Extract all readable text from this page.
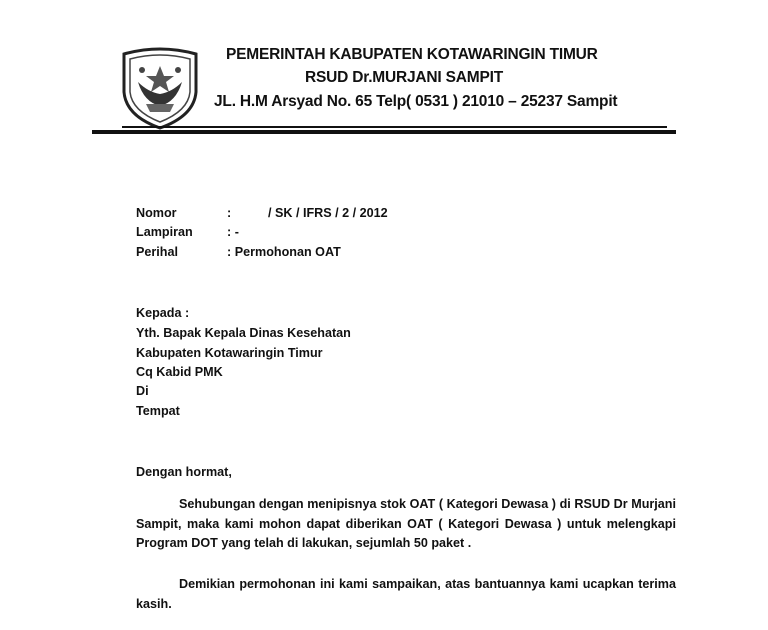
PEMERINTAH KABUPATEN KOTAWARINGIN TIMUR
RSUD Dr.MURJANI SAMPIT
JL. H.M Arsyad No. 65 Telp( 0531 ) 21010 – 25237 Sampit
Nomor	:	/ SK / IFRS / 2 / 2012
Lampiran	: -
Perihal	: Permohonan OAT
Kepada :
Yth. Bapak Kepala Dinas Kesehatan
Kabupaten Kotawaringin Timur
Cq Kabid PMK
Di
Tempat
Dengan hormat,
Sehubungan dengan menipisnya stok OAT ( Kategori Dewasa ) di RSUD Dr Murjani
Sampit, maka kami mohon dapat diberikan OAT ( Kategori Dewasa ) untuk melengkapi
Program DOT yang telah di lakukan, sejumlah 50 paket .
Demikian permohonan ini kami sampaikan, atas bantuannya kami ucapkan terima
kasih.
